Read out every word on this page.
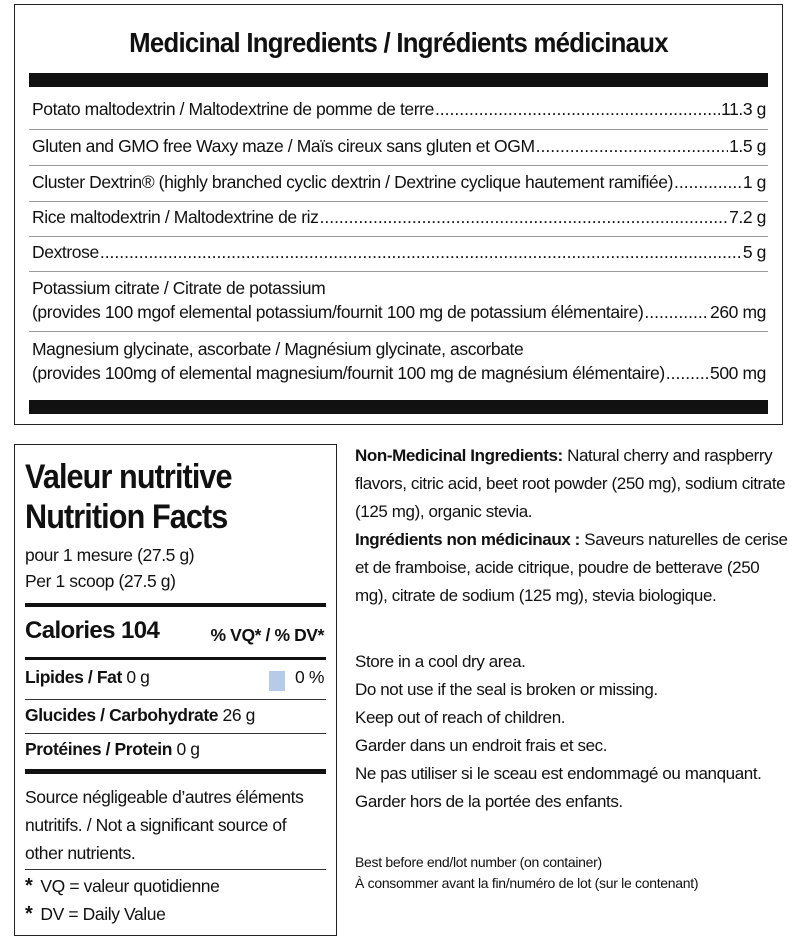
Medicinal Ingredients / Ingrédients médicinaux
Potato maltodextrin / Maltodextrine de pomme de terre .....	11.3 g
Gluten and GMO free Waxy maze / Maïs cireux sans gluten et OGM .....	1.5 g
Cluster Dextrin® (highly branched cyclic dextrin / Dextrine cyclique hautement ramifiée) .....	1 g
Rice maltodextrin / Maltodextrine de riz .....	7.2 g
Dextrose .....	5 g
Potassium citrate / Citrate de potassium
(provides 100 mgof elemental potassium/fournit 100 mg de potassium élémentaire) .....	260 mg
Magnesium glycinate, ascorbate / Magnésium glycinate, ascorbate
(provides 100mg of elemental magnesium/fournit 100 mg de magnésium élémentaire) .....	500 mg
Valeur nutritive
Nutrition Facts
pour 1 mesure (27.5 g)
Per 1 scoop (27.5 g)
Calories 104	% VQ* / % DV*
Lipides / Fat 0 g	0 %
Glucides / Carbohydrate 26 g
Protéines / Protein 0 g
Source négligeable d’autres éléments nutritifs. / Not a significant source of other nutrients.
* VQ = valeur quotidienne
* DV = Daily Value
Non-Medicinal Ingredients: Natural cherry and raspberry flavors, citric acid, beet root powder (250 mg), sodium citrate (125 mg), organic stevia.
Ingrédients non médicinaux : Saveurs naturelles de cerise et de framboise, acide citrique, poudre de betterave (250 mg), citrate de sodium (125 mg), stevia biologique.
Store in a cool dry area.
Do not use if the seal is broken or missing.
Keep out of reach of children.
Garder dans un endroit frais et sec.
Ne pas utiliser si le sceau est endommagé ou manquant.
Garder hors de la portée des enfants.
Best before end/lot number (on container)
À consommer avant la fin/numéro de lot (sur le contenant)
